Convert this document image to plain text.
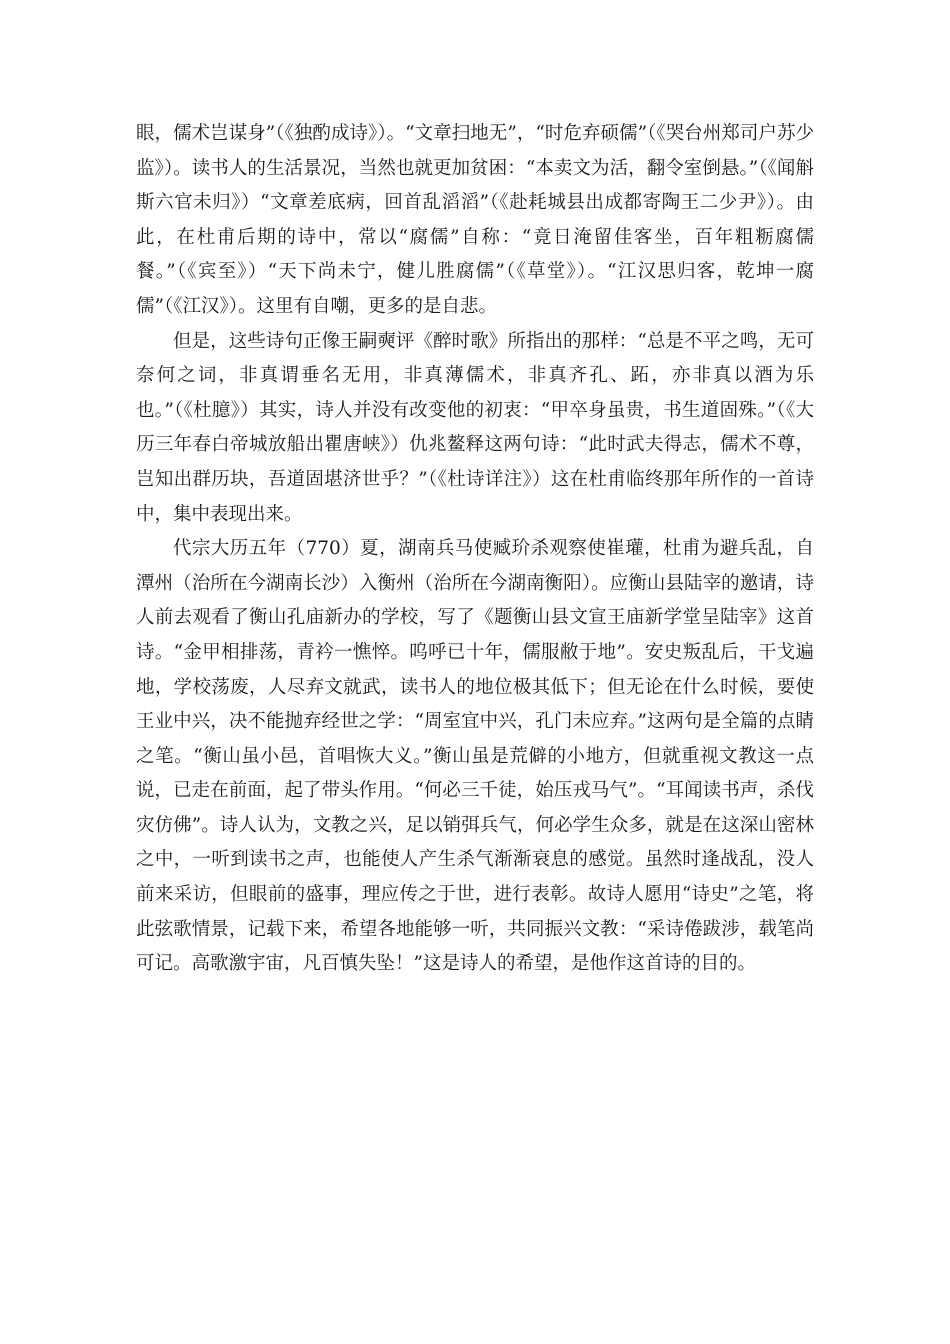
眼，儒术岂谋身”（《独酌成诗》）。“文章扫地无”，“时危弃硕儒”（《哭台州郑司户苏少监》）。读书人的生活景况，当然也就更加贫困：“本卖文为活，翻令室倒悬。”（《闻斛斯六官未归》）“文章差底病，回首乱滔滔”（《赴耗城县出成都寄陶王二少尹》）。由此，在杜甫后期的诗中，常以“腐儒”自称：“竟日淹留佳客坐，百年粗粝腐儒餐。”（《宾至》）“天下尚未宁，健儿胜腐儒”（《草堂》）。“江汉思归客，乾坤一腐儒”（《江汉》）。这里有自嘲，更多的是自悲。

但是，这些诗句正像王嗣奭评《醉时歌》所指出的那样：“总是不平之鸣，无可奈何之词，非真谓垂名无用，非真薄儒术，非真齐孔、跖，亦非真以酒为乐也。”（《杜臆》）其实，诗人并没有改变他的初衷：“甲卒身虽贵，书生道固殊。”（《大历三年春白帝城放船出瞿唐峡》）仇兆鳌释这两句诗：“此时武夫得志，儒术不尊，岂知出群历块，吾道固堪济世乎？”（《杜诗详注》）这在杜甫临终那年所作的一首诗中，集中表现出来。

代宗大历五年（770）夏，湖南兵马使臧玠杀观察使崔瓘，杜甫为避兵乱，自潭州（治所在今湖南长沙）入衡州（治所在今湖南衡阳）。应衡山县陆宰的邀请，诗人前去观看了衡山孔庙新办的学校，写了《题衡山县文宣王庙新学堂呈陆宰》这首诗。“金甲相排荡，青衿一憔悴。呜呼已十年，儒服敝于地”。安史叛乱后，干戈遍地，学校荡废，人尽弃文就武，读书人的地位极其低下；但无论在什么时候，要使王业中兴，决不能抛弃经世之学：“周室宜中兴，孔门未应弃。”这两句是全篇的点睛之笔。“衡山虽小邑，首唱恢大义。”衡山虽是荒僻的小地方，但就重视文教这一点说，已走在前面，起了带头作用。“何必三千徒，始压戎马气”。“耳闻读书声，杀伐灾仿佛”。诗人认为，文教之兴，足以销弭兵气，何必学生众多，就是在这深山密林之中，一听到读书之声，也能使人产生杀气渐渐衰息的感觉。虽然时逢战乱，没人前来采访，但眼前的盛事，理应传之于世，进行表彰。故诗人愿用“诗史”之笔，将此弦歌情景，记载下来，希望各地能够一听，共同振兴文教：“采诗倦跋涉，载笔尚可记。高歌激宇宙，凡百慎失坠！”这是诗人的希望，是他作这首诗的目的。
